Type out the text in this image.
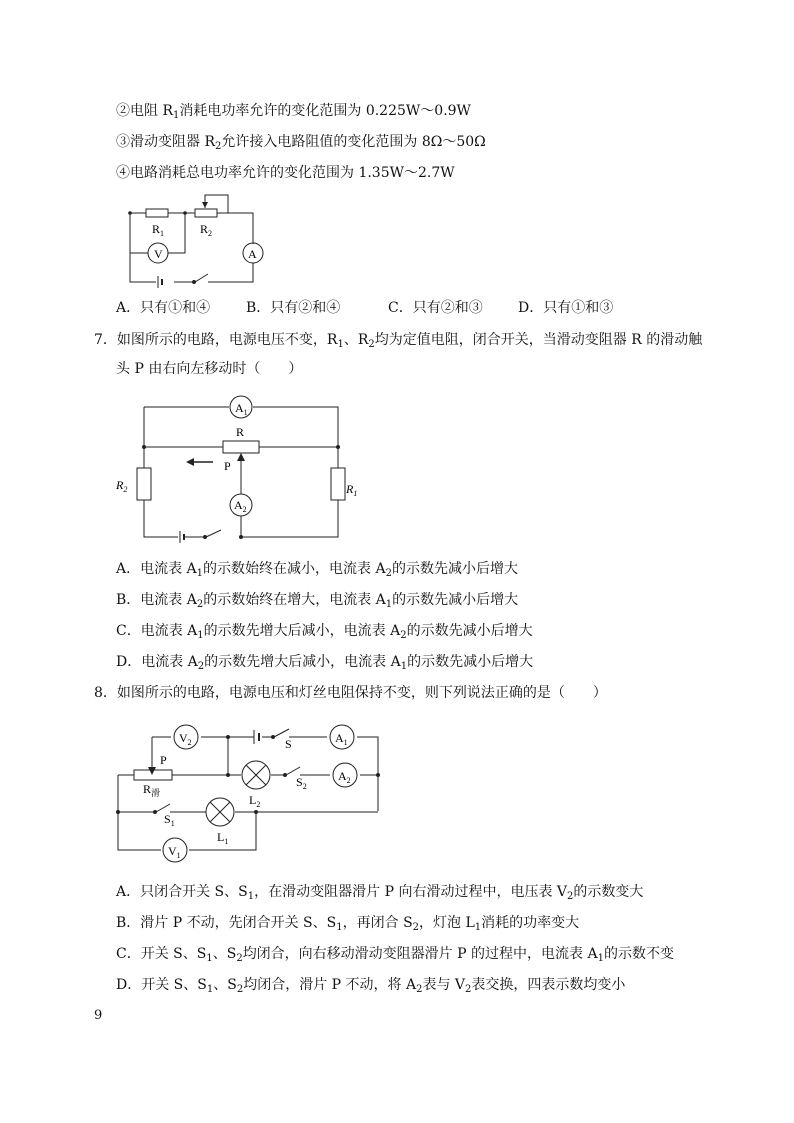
②电阻 $R_1$消耗电功率允许的变化范围为 0.225W～0.9W
③滑动变阻器 $R_2$允许接入电路阻值的变化范围为 8Ω～50Ω
④电路消耗总电功率允许的变化范围为 1.35W～2.7W
$R_1$	$R_2$
V	A
A．只有①和④	B．只有②和④	C．只有②和③	D．只有①和③
7．如图所示的电路，电源电压不变，$R_1$、$R_2$均为定值电阻，闭合开关，当滑动变阻器 R 的滑动触
头 P 由右向左移动时（　　）
$A_1$
R
P
$R_2$	$R_1$
$A_2$
A．电流表 $A_1$的示数始终在减小，电流表 $A_2$的示数先减小后增大
B．电流表 $A_2$的示数始终在增大，电流表 $A_1$的示数先减小后增大
C．电流表 $A_1$的示数先增大后减小，电流表 $A_2$的示数先减小后增大
D．电流表 $A_2$的示数先增大后减小，电流表 $A_1$的示数先减小后增大
8．如图所示的电路，电源电压和灯丝电阻保持不变，则下列说法正确的是（　　）
$V_2$	S	$A_1$
P
$A_2$
$S_2$
$R_滑$	$L_2$
$S_1$
$L_1$
$V_1$
A．只闭合开关 S、$S_1$，在滑动变阻器滑片 P 向右滑动过程中，电压表 $V_2$的示数变大
B．滑片 P 不动，先闭合开关 S、$S_1$，再闭合 $S_2$，灯泡 $L_1$消耗的功率变大
C．开关 S、$S_1$、$S_2$均闭合，向右移动滑动变阻器滑片 P 的过程中，电流表 $A_1$的示数不变
D．开关 S、$S_1$、$S_2$均闭合，滑片 P 不动，将 $A_2$表与 $V_2$表交换，四表示数均变小
9
